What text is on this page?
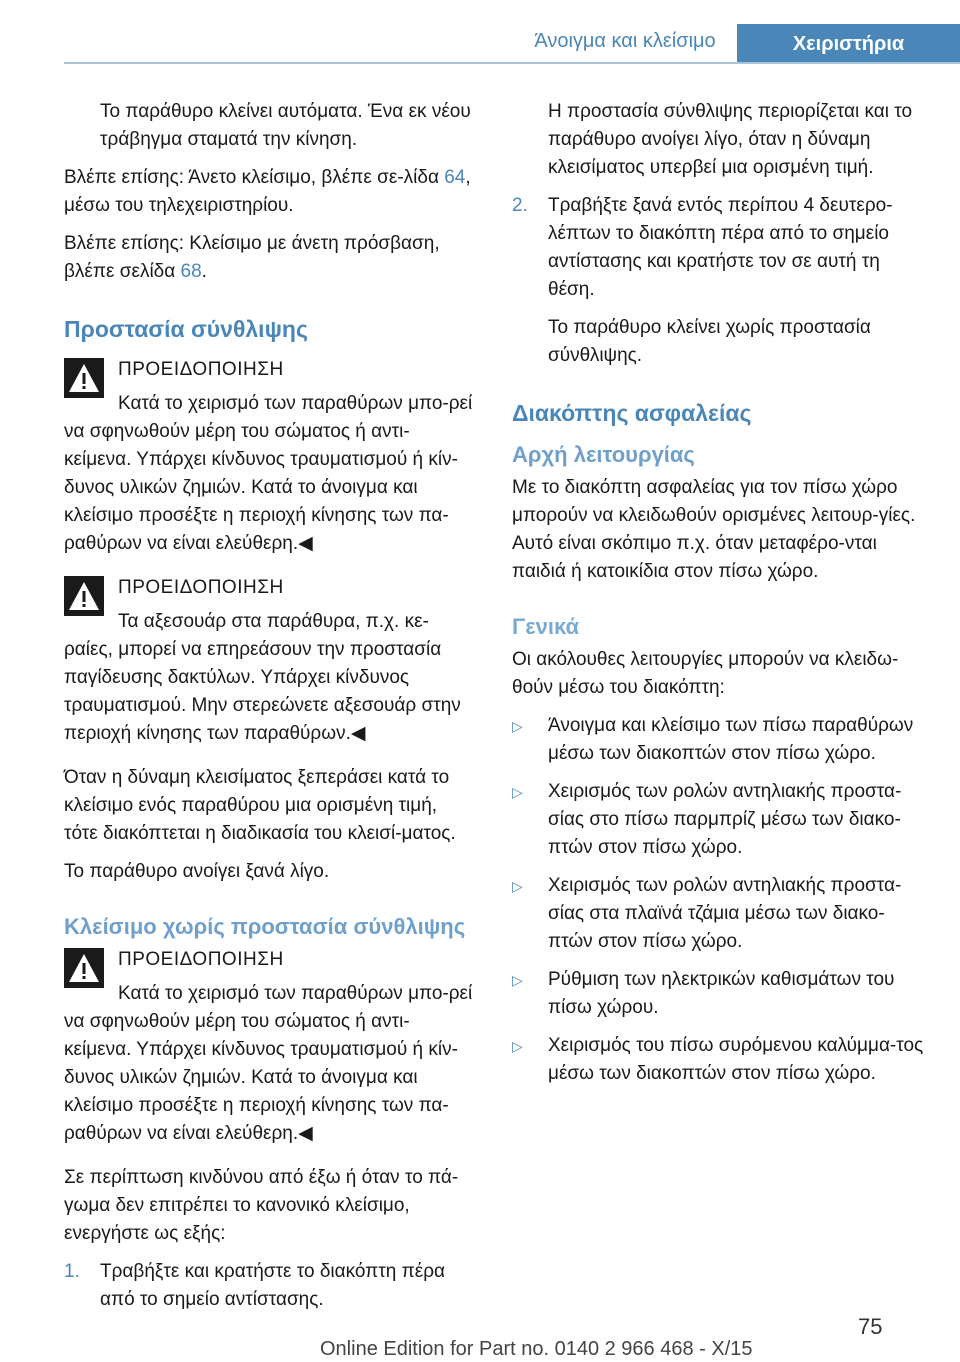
Άνοιγμα και κλείσιμο	Χειριστήρια

Το παράθυρο κλείνει αυτόματα. Ένα εκ νέου τράβηγμα σταματά την κίνηση.

Βλέπε επίσης: Άνετο κλείσιμο, βλέπε σε-λίδα 64, μέσω του τηλεχειριστηρίου.

Βλέπε επίσης: Κλείσιμο με άνετη πρόσβαση, βλέπε σελίδα 68.

Προστασία σύνθλιψης
ΠΡΟΕΙΔΟΠΟΙΗΣΗ
Κατά το χειρισμό των παραθύρων μπο-ρεί να σφηνωθούν μέρη του σώματος ή αντι-κείμενα. Υπάρχει κίνδυνος τραυματισμού ή κίν-δυνος υλικών ζημιών. Κατά το άνοιγμα και κλείσιμο προσέξτε η περιοχή κίνησης των πα-ραθύρων να είναι ελεύθερη.◀
ΠΡΟΕΙΔΟΠΟΙΗΣΗ
Τα αξεσουάρ στα παράθυρα, π.χ. κε-ραίες, μπορεί να επηρεάσουν την προστασία παγίδευσης δακτύλων. Υπάρχει κίνδυνος τραυματισμού. Μην στερεώνετε αξεσουάρ στην περιοχή κίνησης των παραθύρων.◀

Όταν η δύναμη κλεισίματος ξεπεράσει κατά το κλείσιμο ενός παραθύρου μια ορισμένη τιμή, τότε διακόπτεται η διαδικασία του κλεισί-ματος.

Το παράθυρο ανοίγει ξανά λίγο.

Κλείσιμο χωρίς προστασία σύνθλιψης
ΠΡΟΕΙΔΟΠΟΙΗΣΗ
Κατά το χειρισμό των παραθύρων μπο-ρεί να σφηνωθούν μέρη του σώματος ή αντι-κείμενα. Υπάρχει κίνδυνος τραυματισμού ή κίν-δυνος υλικών ζημιών. Κατά το άνοιγμα και κλείσιμο προσέξτε η περιοχή κίνησης των πα-ραθύρων να είναι ελεύθερη.◀

Σε περίπτωση κινδύνου από έξω ή όταν το πά-γωμα δεν επιτρέπει το κανονικό κλείσιμο, ενεργήστε ως εξής:

1.	Τραβήξτε και κρατήστε το διακόπτη πέρα από το σημείο αντίστασης.

Η προστασία σύνθλιψης περιορίζεται και το παράθυρο ανοίγει λίγο, όταν η δύναμη κλεισίματος υπερβεί μια ορισμένη τιμή.

2.	Τραβήξτε ξανά εντός περίπου 4 δευτερο-λέπτων το διακόπτη πέρα από το σημείο αντίστασης και κρατήστε τον σε αυτή τη θέση.

Το παράθυρο κλείνει χωρίς προστασία σύνθλιψης.

Διακόπτης ασφαλείας
Αρχή λειτουργίας

Με το διακόπτη ασφαλείας για τον πίσω χώρο μπορούν να κλειδωθούν ορισμένες λειτουρ-γίες. Αυτό είναι σκόπιμο π.χ. όταν μεταφέρο-νται παιδιά ή κατοικίδια στον πίσω χώρο.

Γενικά

Οι ακόλουθες λειτουργίες μπορούν να κλειδω-θούν μέσω του διακόπτη:

▷	Άνοιγμα και κλείσιμο των πίσω παραθύρων μέσω των διακοπτών στον πίσω χώρο.
▷	Χειρισμός των ρολών αντηλιακής προστα-σίας στο πίσω παρμπρίζ μέσω των διακο-πτών στον πίσω χώρο.
▷	Χειρισμός των ρολών αντηλιακής προστα-σίας στα πλαϊνά τζάμια μέσω των διακο-πτών στον πίσω χώρο.
▷	Ρύθμιση των ηλεκτρικών καθισμάτων του πίσω χώρου.
▷	Χειρισμός του πίσω συρόμενου καλύμμα-τος μέσω των διακοπτών στον πίσω χώρο.
75
Online Edition for Part no. 0140 2 966 468 - X/15
